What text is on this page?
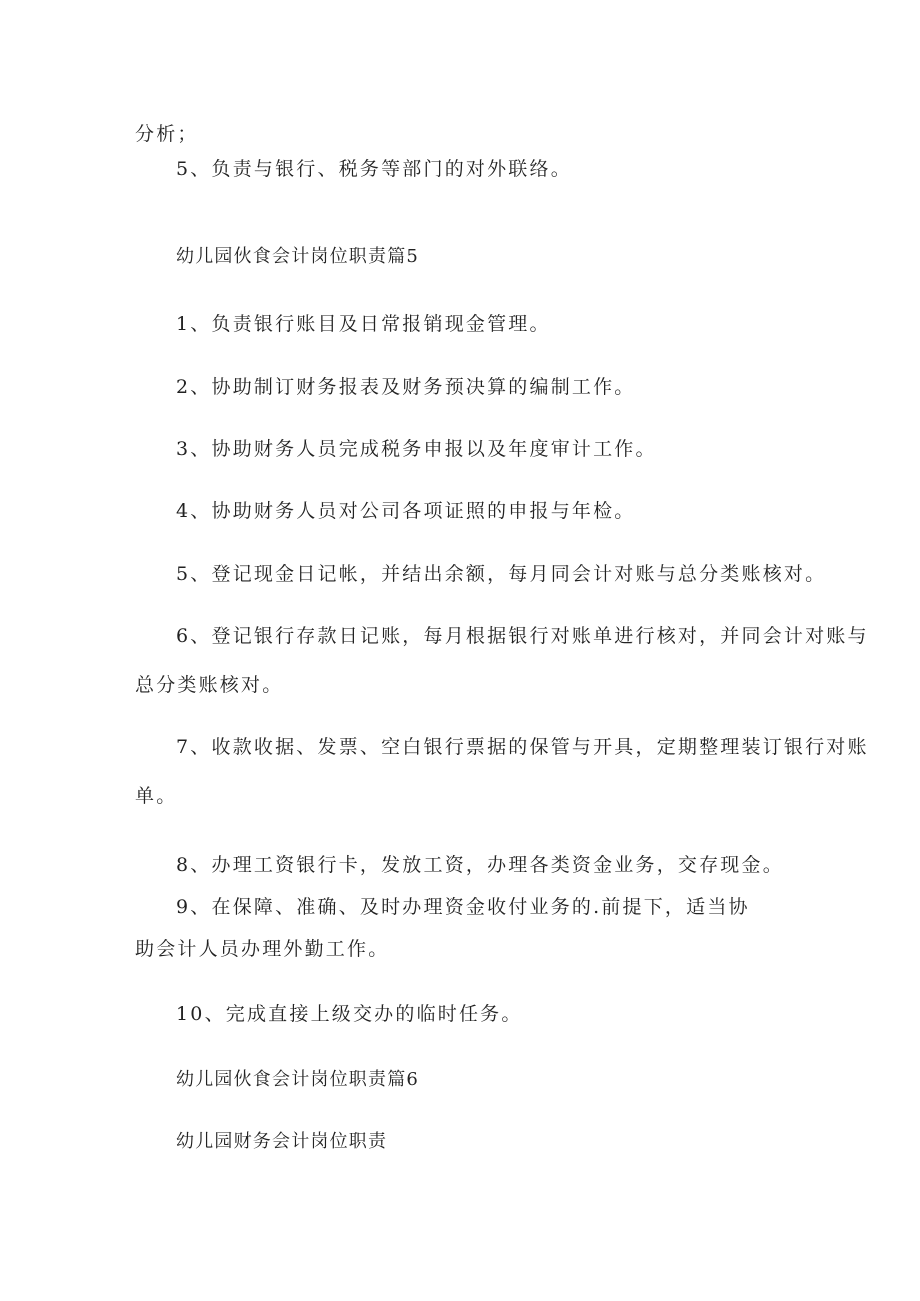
分析；
5、负责与银行、税务等部门的对外联络。
幼儿园伙食会计岗位职责篇5
1、负责银行账目及日常报销现金管理。
2、协助制订财务报表及财务预决算的编制工作。
3、协助财务人员完成税务申报以及年度审计工作。
4、协助财务人员对公司各项证照的申报与年检。
5、登记现金日记帐，并结出余额，每月同会计对账与总分类账核对。
6、登记银行存款日记账，每月根据银行对账单进行核对，并同会计对账与
总分类账核对。
7、收款收据、发票、空白银行票据的保管与开具，定期整理装订银行对账
单。
8、办理工资银行卡，发放工资，办理各类资金业务，交存现金。
9、在保障、准确、及时办理资金收付业务的.前提下，适当协
助会计人员办理外勤工作。
10、完成直接上级交办的临时任务。
幼儿园伙食会计岗位职责篇6
幼儿园财务会计岗位职责
